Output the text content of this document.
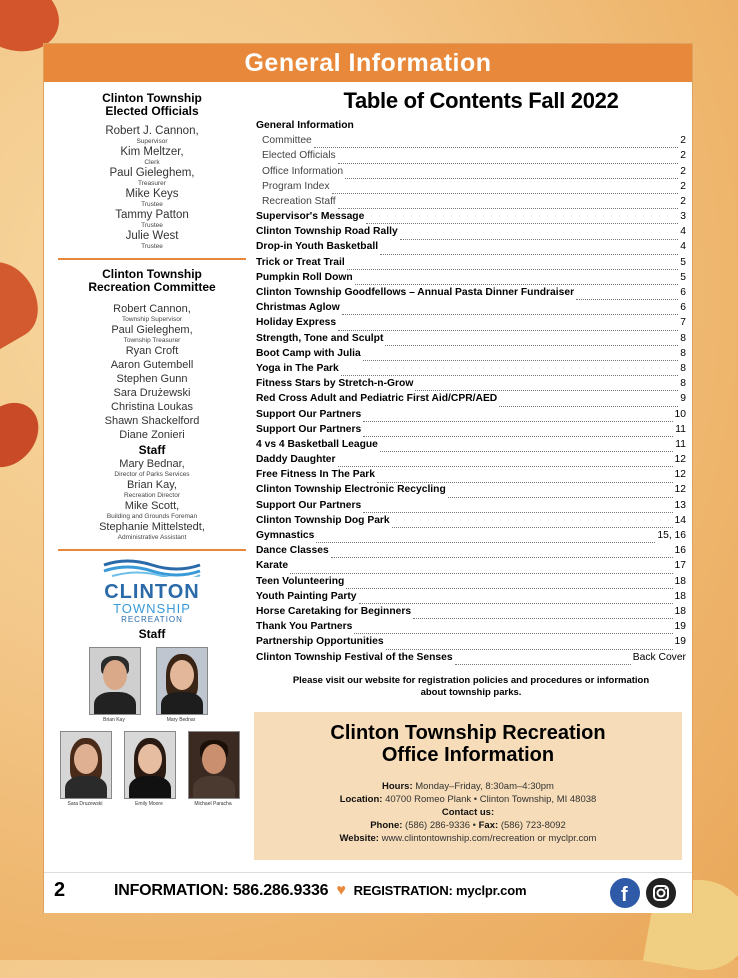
General Information
Clinton Township Elected Officials
Robert J. Cannon,
Supervisor
Kim Meltzer,
Clerk
Paul Gieleghem,
Treasurer
Mike Keys
Trustee
Tammy Patton
Trustee
Julie West
Trustee
Clinton Township Recreation Committee
Robert Cannon,
Township Supervisor
Paul Gieleghem,
Township Treasurer
Ryan Croft
Aaron Gutembell
Stephen Gunn
Sara Drużewski
Christina Loukas
Shawn Shackelford
Diane Zonieri
Staff
Mary Bednar,
Director of Parks Services
Brian Kay,
Recreation Director
Mike Scott,
Building and Grounds Foreman
Stephanie Mittelstedt,
Administrative Assistant
CLINTON
TOWNSHIP
RECREATION
Staff
Brian Kay	Mary Bednar
Sara Druzewski	Emily Moore	Michael Paracha
Table of Contents Fall 2022
General Information
Committee	2
Elected Officials	2
Office Information	2
Program Index	2
Recreation Staff	2
Supervisor's Message	3
Clinton Township Road Rally	4
Drop-in Youth Basketball	4
Trick or Treat Trail	5
Pumpkin Roll Down	5
Clinton Township Goodfellows – Annual Pasta Dinner Fundraiser	6
Christmas Aglow	6
Holiday Express	7
Strength, Tone and Sculpt	8
Boot Camp with Julia	8
Yoga in The Park	8
Fitness Stars by Stretch-n-Grow	8
Red Cross Adult and Pediatric First Aid/CPR/AED	9
Support Our Partners	10
Support Our Partners	11
4 vs 4 Basketball League	11
Daddy Daughter	12
Free Fitness In The Park	12
Clinton Township Electronic Recycling	12
Support Our Partners	13
Clinton Township Dog Park	14
Gymnastics	15, 16
Dance Classes	16
Karate	17
Teen Volunteering	18
Youth Painting Party	18
Horse Caretaking for Beginners	18
Thank You Partners	19
Partnership Opportunities	19
Clinton Township Festival of the Senses	Back Cover
Please visit our website for registration policies and procedures or information about township parks.
Clinton Township Recreation
Office Information
Hours: Monday–Friday, 8:30am–4:30pm
Location: 40700 Romeo Plank • Clinton Township, MI 48038
Contact us:
Phone: (586) 286-9336 • Fax: (586) 723-8092
Website: www.clintontownship.com/recreation or myclpr.com
2	INFORMATION: 586.286.9336 ♥ REGISTRATION: myclpr.com	f
